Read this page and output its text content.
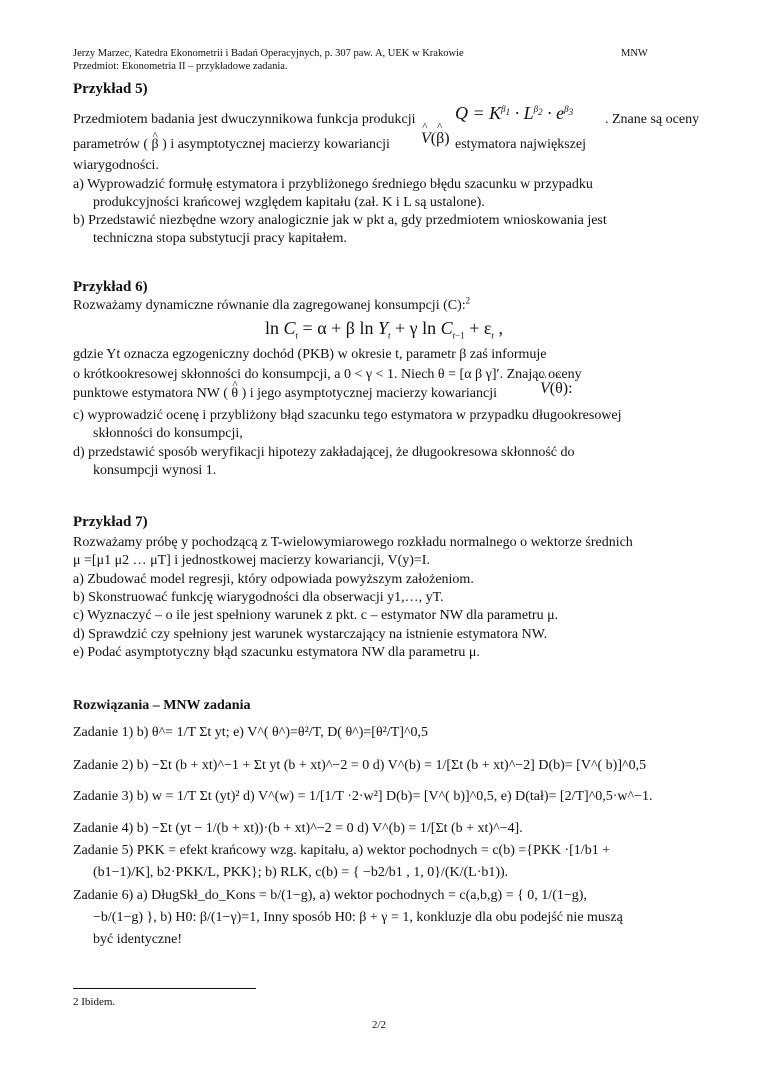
Jerzy Marzec, Katedra Ekonometrii i Badań Operacyjnych, p. 307 paw. A, UEK w Krakowie	MNW
Przedmiot: Ekonometria II – przykładowe zadania.
Przykład 5)
Przedmiotem badania jest dwuczynnikowa funkcja produkcji $Q = K^{\beta_1} \cdot L^{\beta_2} \cdot e^{\beta_3}$
. Znane są oceny
parametrów ( ^ β ) i asymptotycznej macierzy kowariancji ^ V(^ β) estymatora największej
wiarygodności.
a) Wyprowadzić formułę estymatora i przybliżonego średniego błędu szacunku w przypadku
produkcyjności krańcowej względem kapitału (zał. K i L są ustalone).
b) Przedstawić niezbędne wzory analogicznie jak w pkt a, gdy przedmiotem wnioskowania jest
techniczna stopa substytucji pracy kapitałem.
Przykład 6)
Rozważamy dynamiczne równanie dla zagregowanej konsumpcji (C):$^2$
$\ln C_t = \alpha + \beta$ $\ln Y_t + \gamma$ $\ln C_{t-1} + \varepsilon_t$ ,
gdzie Yt oznacza egzogeniczny dochód (PKB) w okresie t, parametr β zaś informuje
o krótkookresowej skłonności do konsumpcji, a 0 < γ < 1. Niech θ = [α β γ]′. Znając oceny
punktowe estymatora NW ( ^ θ ) i jego asymptotycznej macierzy kowariancji	^ V(^ θ):
c) wyprowadzić ocenę i przybliżony błąd szacunku tego estymatora w przypadku długookresowej
skłonności do konsumpcji,
d) przedstawić sposób weryfikacji hipotezy zakładającej, że długookresowa skłonność do
konsumpcji wynosi 1.
Przykład 7)
Rozważamy próbę y pochodzącą z T-wielowymiarowego rozkładu normalnego o wektorze średnich
μ =[μ1 μ2 … μT] i jednostkowej macierzy kowariancji, V(y)=I.
a) Zbudować model regresji, który odpowiada powyższym założeniom.
b) Skonstruować funkcję wiarygodności dla obserwacji y1,…, yT.
c) Wyznaczyć – o ile jest spełniony warunek z pkt. c – estymator NW dla parametru μ.
d) Sprawdzić czy spełniony jest warunek wystarczający na istnienie estymatora NW.
e) Podać asymptotyczny błąd szacunku estymatora NW dla parametru μ.
Rozwiązania – MNW zadania
Zadanie 1) b) θ^= 1/T Σt yt; e) V^( θ^)=θ²/T, D( θ^)=[θ²/T]^0,5
Zadanie 2) b) −Σt (b + xt)^−1 + Σt yt (b + xt)^−2 = 0 d) V^(b) = 1/[Σt (b + xt)^−2] D(b)= [V^( b)]^0,5
Zadanie 3) b) w = 1/T Σt (yt)² d) V^(w) = 1/[1/T ·2·w²] D(b)= [V^( b)]^0,5, e) D(tał)= [2/T]^0,5·w^−1.
Zadanie 4) b) −Σt (yt − 1/(b + xt))·(b + xt)^−2 = 0 d) V^(b) = 1/[Σt (b + xt)^−4].
Zadanie 5) PKK = efekt krańcowy wzg. kapitału, a) wektor pochodnych = c(b) ={PKK ·[1/b1 +
(b1−1)/K], b2·PKK/L, PKK}; b) RLK, c(b) = { −b2/b1 , 1, 0}/(K/(L·b1)).
Zadanie 6) a) DługSkł_do_Kons = b/(1−g), a) wektor pochodnych = c(a,b,g) = { 0, 1/(1−g),
−b/(1−g) }, b) H0: β/(1−γ)=1, Inny sposób H0: β + γ = 1, konkluzje dla obu podejść nie muszą
być identyczne!
2 Ibidem.
2/2
